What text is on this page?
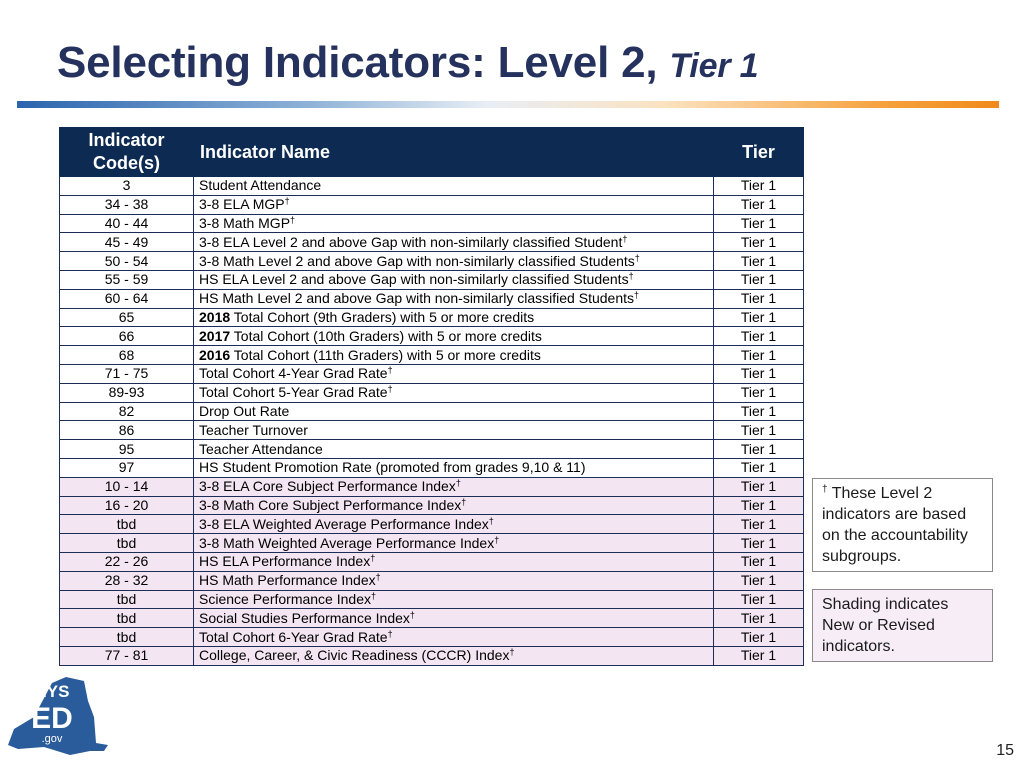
Selecting Indicators: Level 2, Tier 1
Indicator Code(s)	Indicator Name	Tier
3	Student Attendance	Tier 1
34 - 38	3-8 ELA MGP†	Tier 1
40 - 44	3-8 Math MGP†	Tier 1
45 - 49	3-8 ELA Level 2 and above Gap with non-similarly classified Student†	Tier 1
50 - 54	3-8 Math Level 2 and above Gap with non-similarly classified Students†	Tier 1
55 - 59	HS ELA Level 2 and above Gap with non-similarly classified Students†	Tier 1
60 - 64	HS Math Level 2 and above Gap with non-similarly classified Students†	Tier 1
65	2018 Total Cohort (9th Graders) with 5 or more credits	Tier 1
66	2017 Total Cohort (10th Graders) with 5 or more credits	Tier 1
68	2016 Total Cohort (11th Graders) with 5 or more credits	Tier 1
71 - 75	Total Cohort 4-Year Grad Rate†	Tier 1
89-93	Total Cohort 5-Year Grad Rate†	Tier 1
82	Drop Out Rate	Tier 1
86	Teacher Turnover	Tier 1
95	Teacher Attendance	Tier 1
97	HS Student Promotion Rate (promoted from grades 9,10 & 11)	Tier 1
10 - 14	3-8 ELA Core Subject Performance Index†	Tier 1
16 - 20	3-8 Math Core Subject Performance Index†	Tier 1
tbd	3-8 ELA Weighted Average Performance Index†	Tier 1
tbd	3-8 Math Weighted Average Performance Index†	Tier 1
22 - 26	HS ELA Performance Index†	Tier 1
28 - 32	HS Math Performance Index†	Tier 1
tbd	Science Performance Index†	Tier 1
tbd	Social Studies Performance Index†	Tier 1
tbd	Total Cohort 6-Year Grad Rate†	Tier 1
77 - 81	College, Career, & Civic Readiness (CCCR) Index†	Tier 1
† These Level 2 indicators are based on the accountability subgroups.
Shading indicates New or Revised indicators.
NYS
ED
.gov
15
